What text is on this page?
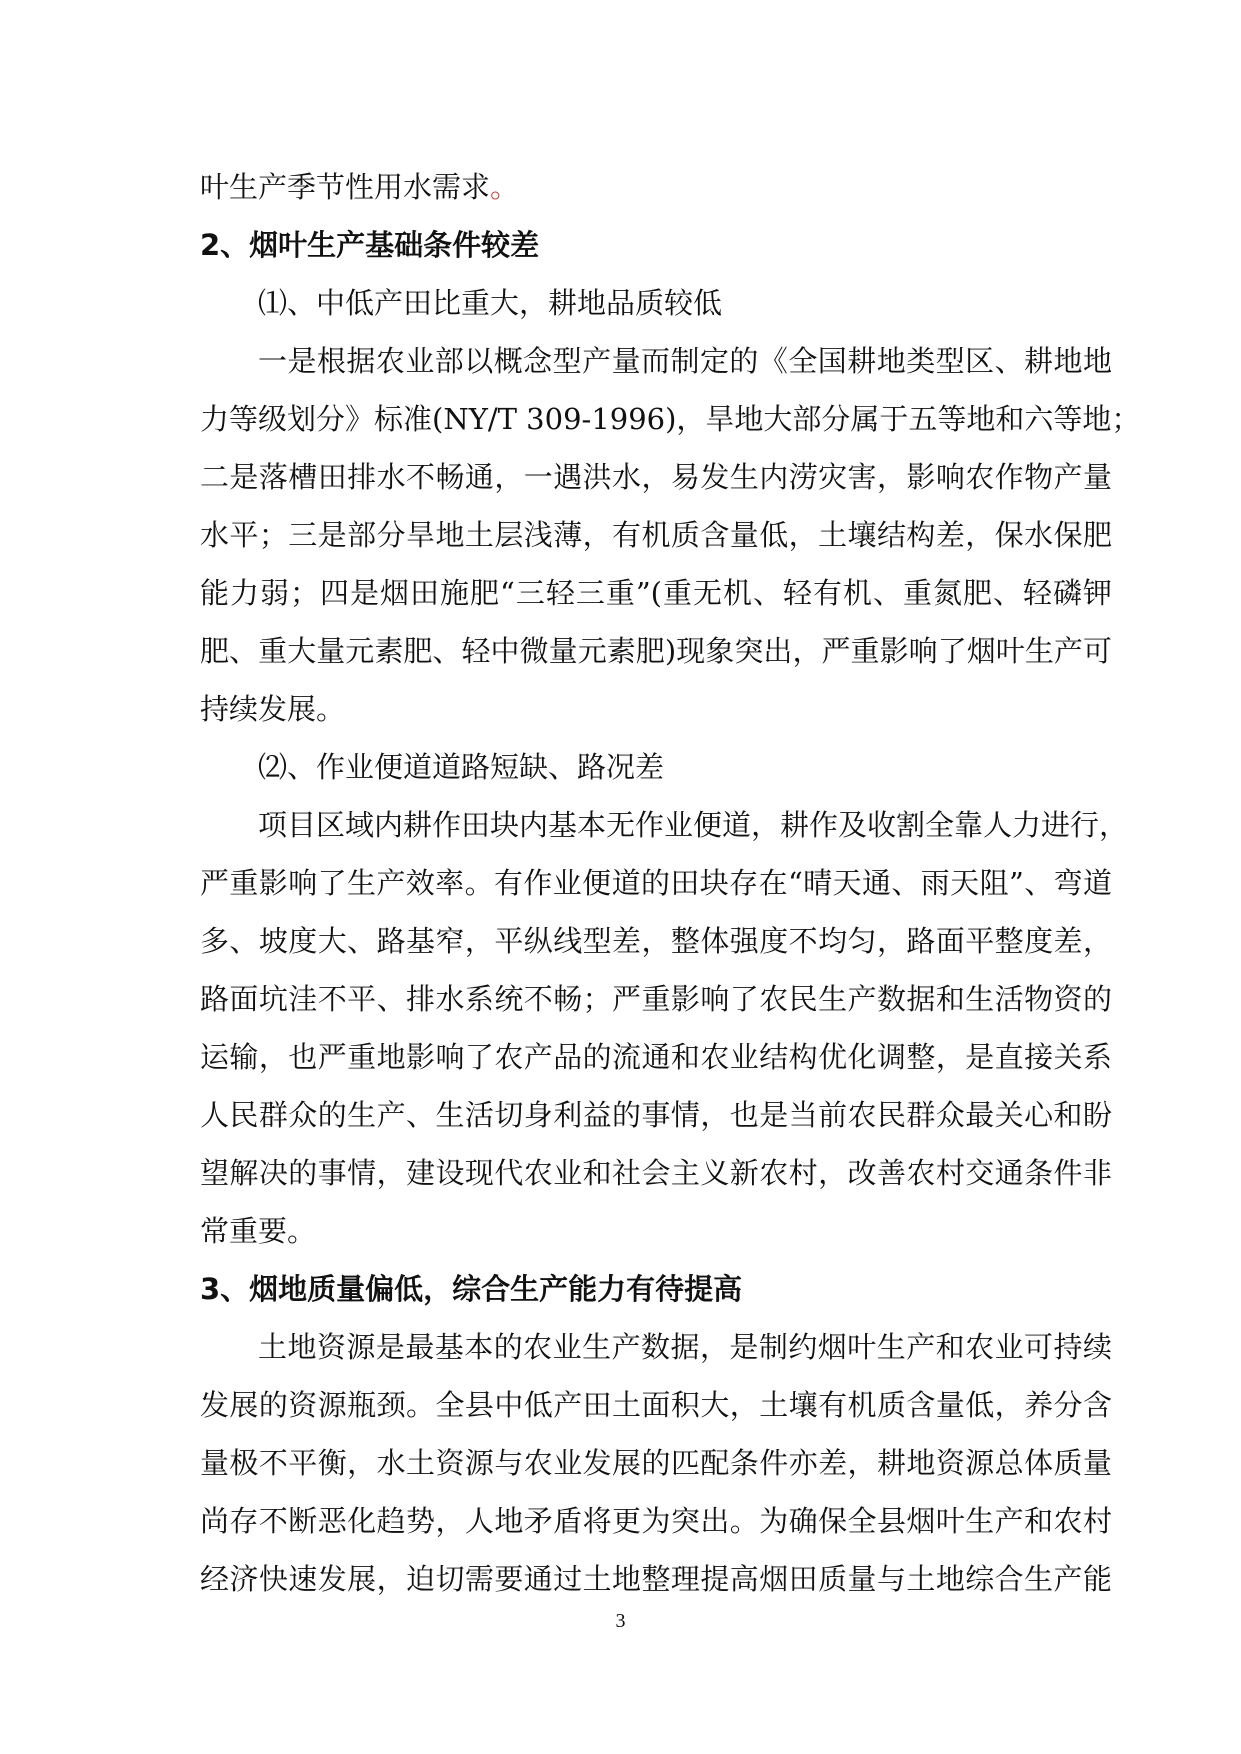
叶生产季节性用水需求。
2、烟叶生产基础条件较差
⑴、中低产田比重大，耕地品质较低
一是根据农业部以概念型产量而制定的《全国耕地类型区、耕地地
力等级划分》标准(NY/T 309-1996)，旱地大部分属于五等地和六等地；
二是落槽田排水不畅通，一遇洪水，易发生内涝灾害，影响农作物产量
水平；三是部分旱地土层浅薄，有机质含量低，土壤结构差，保水保肥
能力弱；四是烟田施肥“三轻三重”(重无机、轻有机、重氮肥、轻磷钾
肥、重大量元素肥、轻中微量元素肥)现象突出，严重影响了烟叶生产可
持续发展。
⑵、作业便道道路短缺、路况差
项目区域内耕作田块内基本无作业便道，耕作及收割全靠人力进行，
严重影响了生产效率。有作业便道的田块存在“晴天通、雨天阻”、弯道
多、坡度大、路基窄，平纵线型差，整体强度不均匀，路面平整度差，
路面坑洼不平、排水系统不畅；严重影响了农民生产数据和生活物资的
运输，也严重地影响了农产品的流通和农业结构优化调整，是直接关系
人民群众的生产、生活切身利益的事情，也是当前农民群众最关心和盼
望解决的事情，建设现代农业和社会主义新农村，改善农村交通条件非
常重要。
3、烟地质量偏低，综合生产能力有待提高
土地资源是最基本的农业生产数据，是制约烟叶生产和农业可持续
发展的资源瓶颈。全县中低产田土面积大，土壤有机质含量低，养分含
量极不平衡，水土资源与农业发展的匹配条件亦差，耕地资源总体质量
尚存不断恶化趋势，人地矛盾将更为突出。为确保全县烟叶生产和农村
经济快速发展，迫切需要通过土地整理提高烟田质量与土地综合生产能
3
